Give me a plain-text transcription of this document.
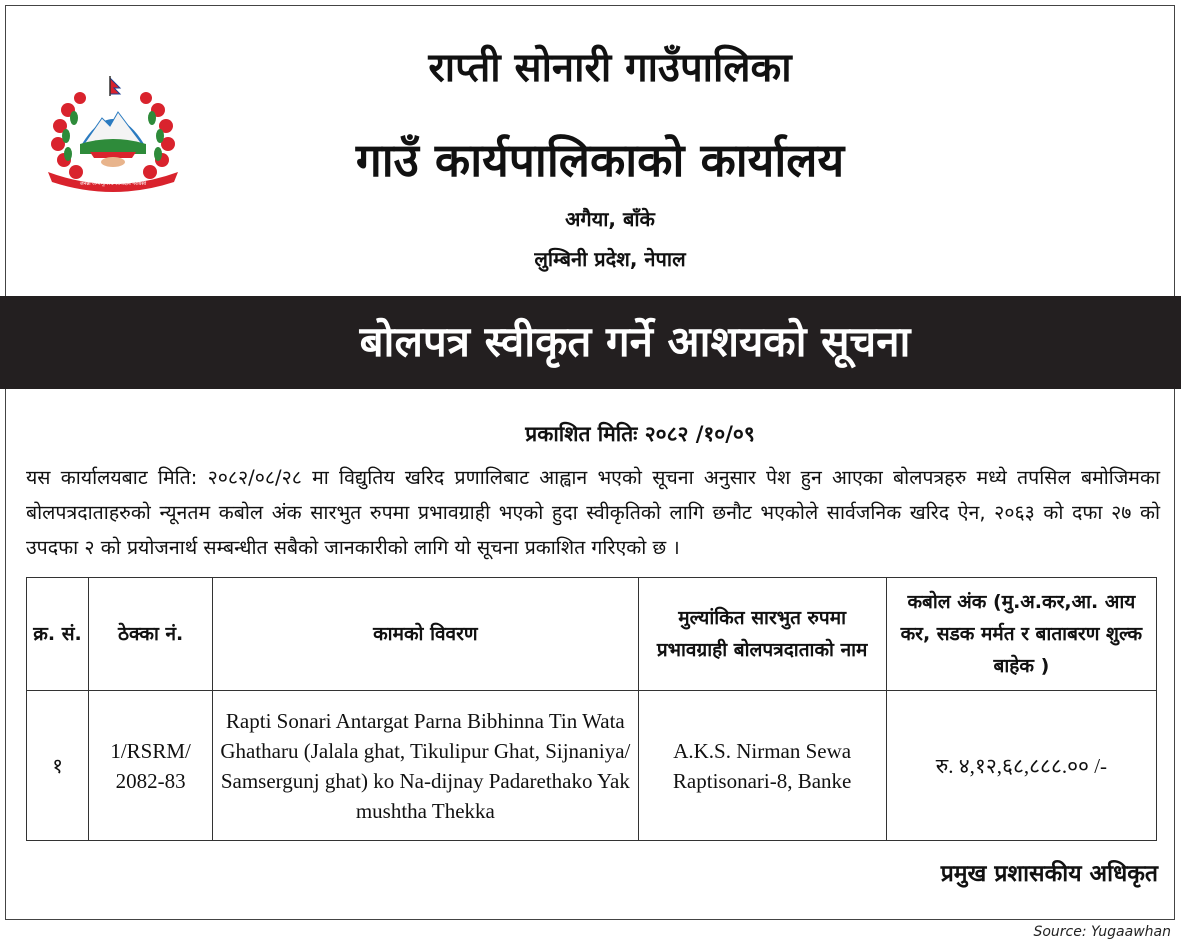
जनन्नी जन्मभूमिश्च स्वर्गादपि गरीयसी
राप्ती सोनारी गाउँपालिका
गाउँ कार्यपालिकाको कार्यालय
अगैया, बाँके
लुम्बिनी प्रदेश, नेपाल
बोलपत्र स्वीकृत गर्ने आशयको सूचना
प्रकाशित मितिः २०८२ /१०/०९
यस कार्यालयबाट मिति: २०८२/०८/२८ मा विद्युतिय खरिद प्रणालिबाट आह्वान भएको सूचना अनुसार पेश हुन आएका बोलपत्रहरु मध्ये तपसिल बमोजिमका बोलपत्रदाताहरुको न्यूनतम कबोल अंक सारभुत रुपमा प्रभावग्राही भएको हुदा स्वीकृतिको लागि छनौट भएकोले सार्वजनिक खरिद ऐन, २०६३ को दफा २७ को उपदफा २ को प्रयोजनार्थ सम्बन्धीत सबैको जानकारीको लागि यो सूचना प्रकाशित गरिएको छ ।
क्र. सं.	ठेक्का नं.	कामको विवरण	मुल्यांकित सारभुत रुपमा प्रभावग्राही बोलपत्रदाताको नाम	कबोल अंक (मु.अ.कर,आ. आय कर, सडक मर्मत र बाताबरण शुल्क बाहेक )
१	1/RSRM/ 2082-83	Rapti Sonari Antargat Parna Bibhinna Tin Wata Ghatharu (Jalala ghat, Tikulipur Ghat, Sijnaniya/ Samsergunj ghat) ko Na-dijnay Padarethako Yak mushtha Thekka	A.K.S. Nirman Sewa Raptisonari-8, Banke	रु. ४,१२,६८,८८८.०० /-
प्रमुख प्रशासकीय अधिकृत
Source: Yugaawhan
